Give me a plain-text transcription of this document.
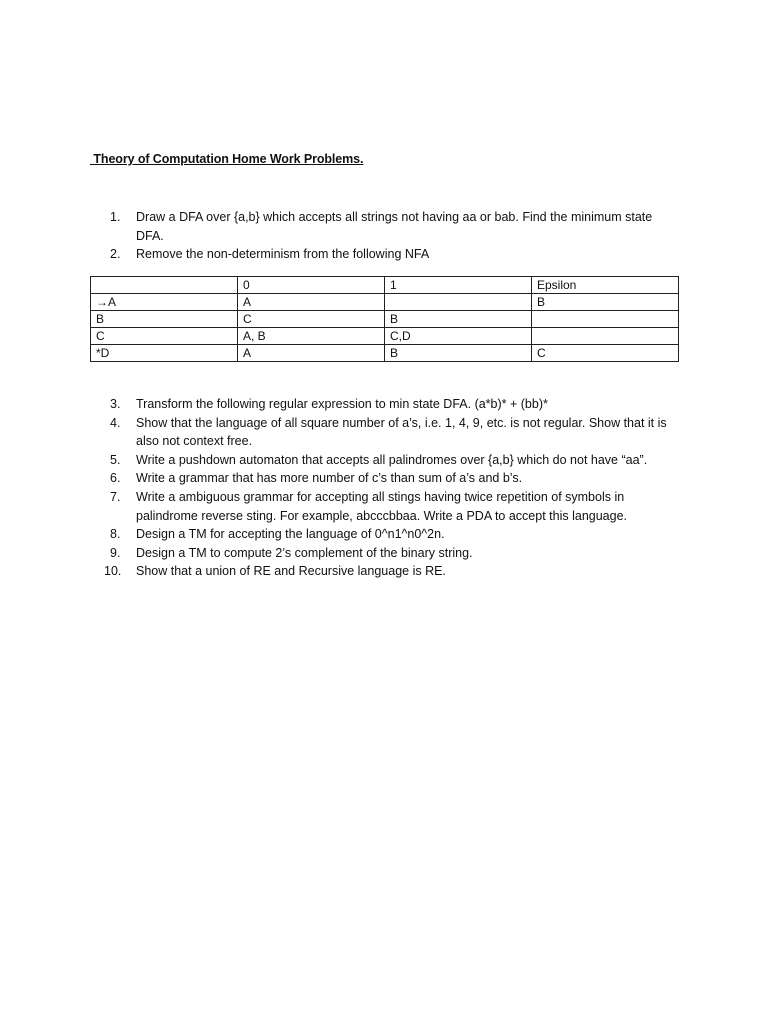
Theory of Computation Home Work Problems.
1.	Draw a DFA over {a,b} which accepts all strings not having aa or bab. Find the minimum state DFA.
2.	Remove the non-determinism from the following NFA
	0	1	Epsilon
→A	A		B
B	C	B	
C	A, B	C,D	
*D	A	B	C
3.	Transform the following regular expression to min state DFA. (a*b)* + (bb)*
4.	Show that the language of all square number of a’s, i.e. 1, 4, 9, etc. is not regular. Show that it is also not context free.
5.	Write a pushdown automaton that accepts all palindromes over {a,b} which do not have “aa”.
6.	Write a grammar that has more number of c’s than sum of a’s and b’s.
7.	Write a ambiguous grammar for accepting all stings having twice repetition of symbols in palindrome reverse sting. For example, abcccbbaa. Write a PDA to accept this language.
8.	Design a TM for accepting the language of 0^n1^n0^2n.
9.	Design a TM to compute 2’s complement of the binary string.
10.	Show that a union of RE and Recursive language is RE.
